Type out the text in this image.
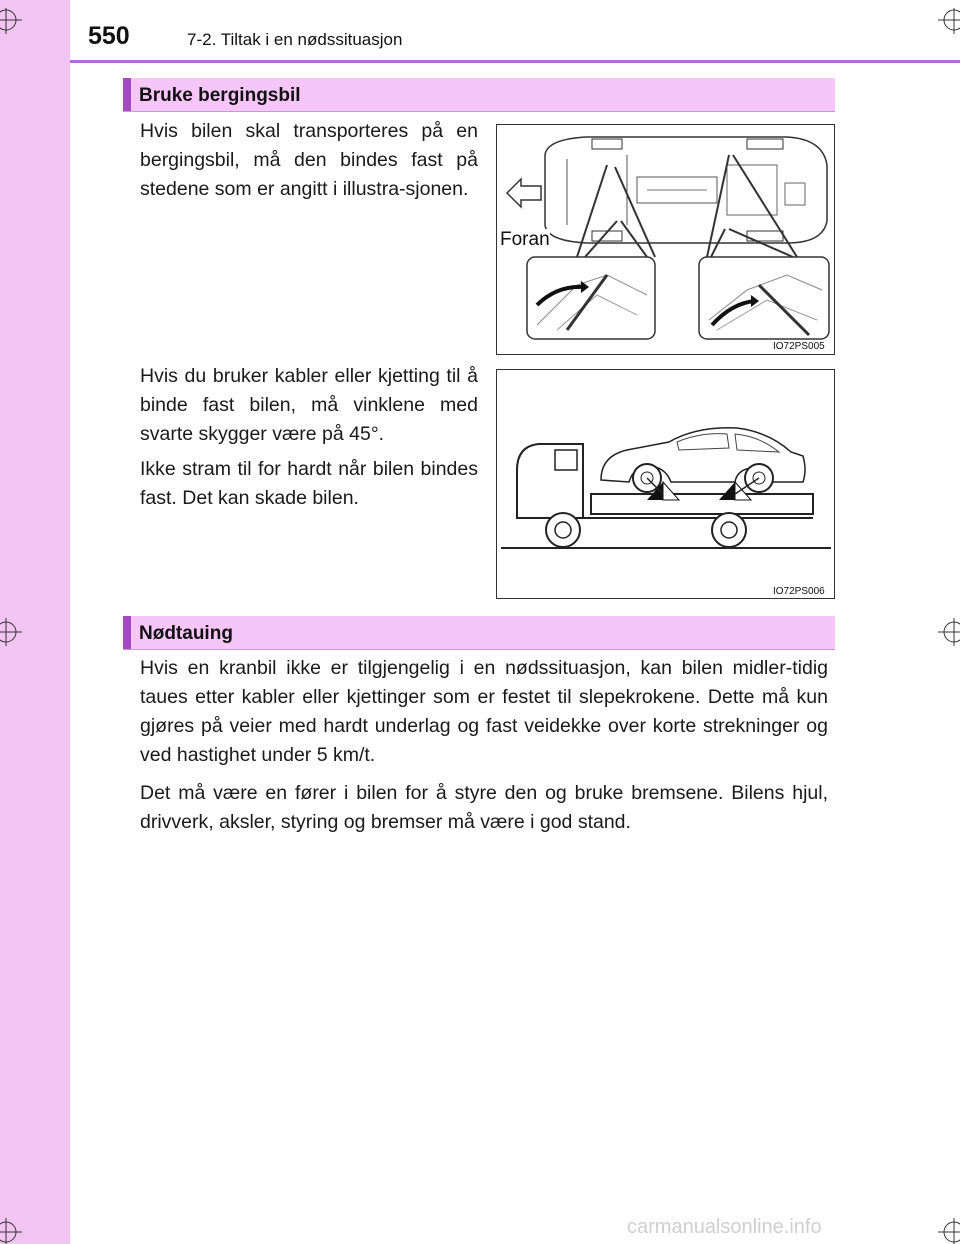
550	7-2. Tiltak i en nødssituasjon
Bruke bergingsbil
Hvis bilen skal transporteres på en bergingsbil, må den bindes fast på stedene som er angitt i illustra-sjonen.
Hvis du bruker kabler eller kjetting til å binde fast bilen, må vinklene med svarte skygger være på 45°.
Ikke stram til for hardt når bilen bindes fast. Det kan skade bilen.
Foran
IO72PS005
IO72PS006
Nødtauing
Hvis en kranbil ikke er tilgjengelig i en nødssituasjon, kan bilen midler-tidig taues etter kabler eller kjettinger som er festet til slepekrokene. Dette må kun gjøres på veier med hardt underlag og fast veidekke over korte strekninger og ved hastighet under 5 km/t.
Det må være en fører i bilen for å styre den og bruke bremsene. Bilens hjul, drivverk, aksler, styring og bremser må være i god stand.
carmanualsonline.info
